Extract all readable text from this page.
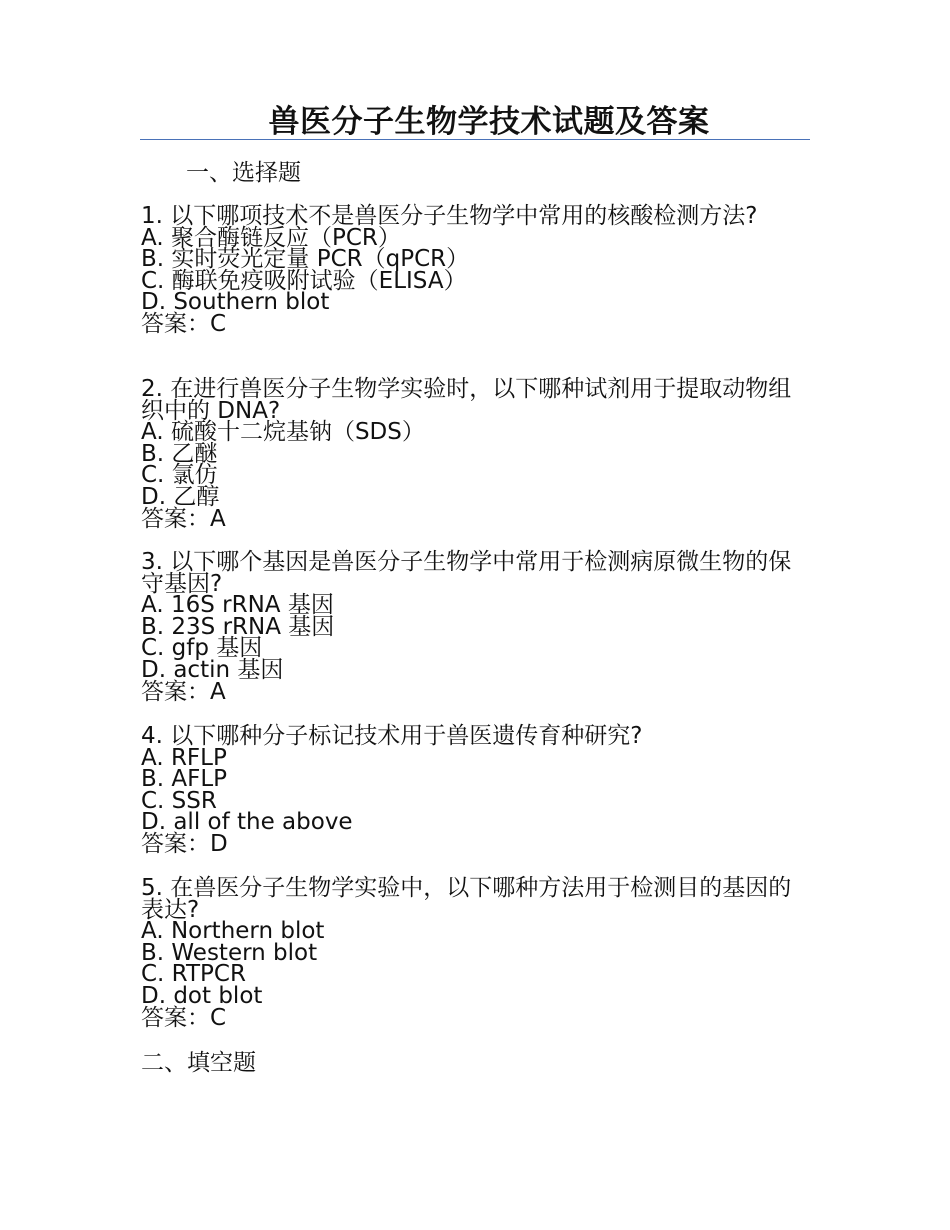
兽医分子生物学技术试题及答案
一、选择题
1. 以下哪项技术不是兽医分子生物学中常用的核酸检测方法?
A. 聚合酶链反应（PCR）
B. 实时荧光定量 PCR（qPCR）
C. 酶联免疫吸附试验（ELISA）
D. Southern blot
答案：C
2. 在进行兽医分子生物学实验时，以下哪种试剂用于提取动物组织中的 DNA?
A. 硫酸十二烷基钠（SDS）
B. 乙醚
C. 氯仿
D. 乙醇
答案：A
3. 以下哪个基因是兽医分子生物学中常用于检测病原微生物的保守基因?
A. 16S rRNA 基因
B. 23S rRNA 基因
C. gfp 基因
D. actin 基因
答案：A
4. 以下哪种分子标记技术用于兽医遗传育种研究?
A. RFLP
B. AFLP
C. SSR
D. all of the above
答案：D
5. 在兽医分子生物学实验中，以下哪种方法用于检测目的基因的表达?
A. Northern blot
B. Western blot
C. RTPCR
D. dot blot
答案：C
二、填空题
